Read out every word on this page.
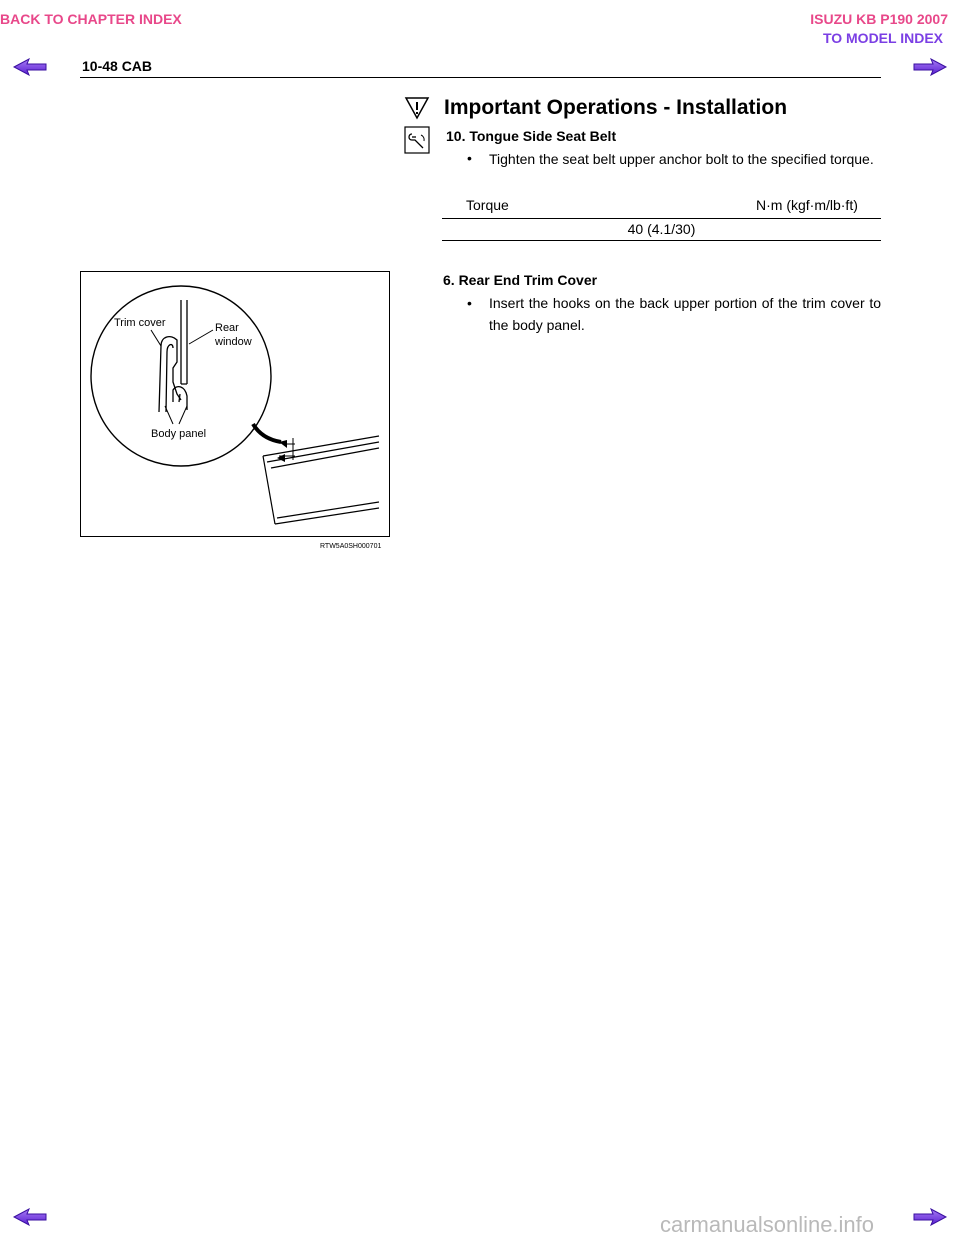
BACK TO CHAPTER INDEX	ISUZU KB P190 2007
TO MODEL INDEX
10-48 CAB
Important Operations - Installation
10. Tongue Side Seat Belt
• Tighten the seat belt upper anchor bolt to the specified torque.
Torque	N·m (kgf·m/lb·ft)
40 (4.1/30)
Trim cover	Rear
window
Body panel
RTW5A0SH000701
6. Rear End Trim Cover
• Insert the hooks on the back upper portion of the trim cover to the body panel.
carmanualsonline.info
